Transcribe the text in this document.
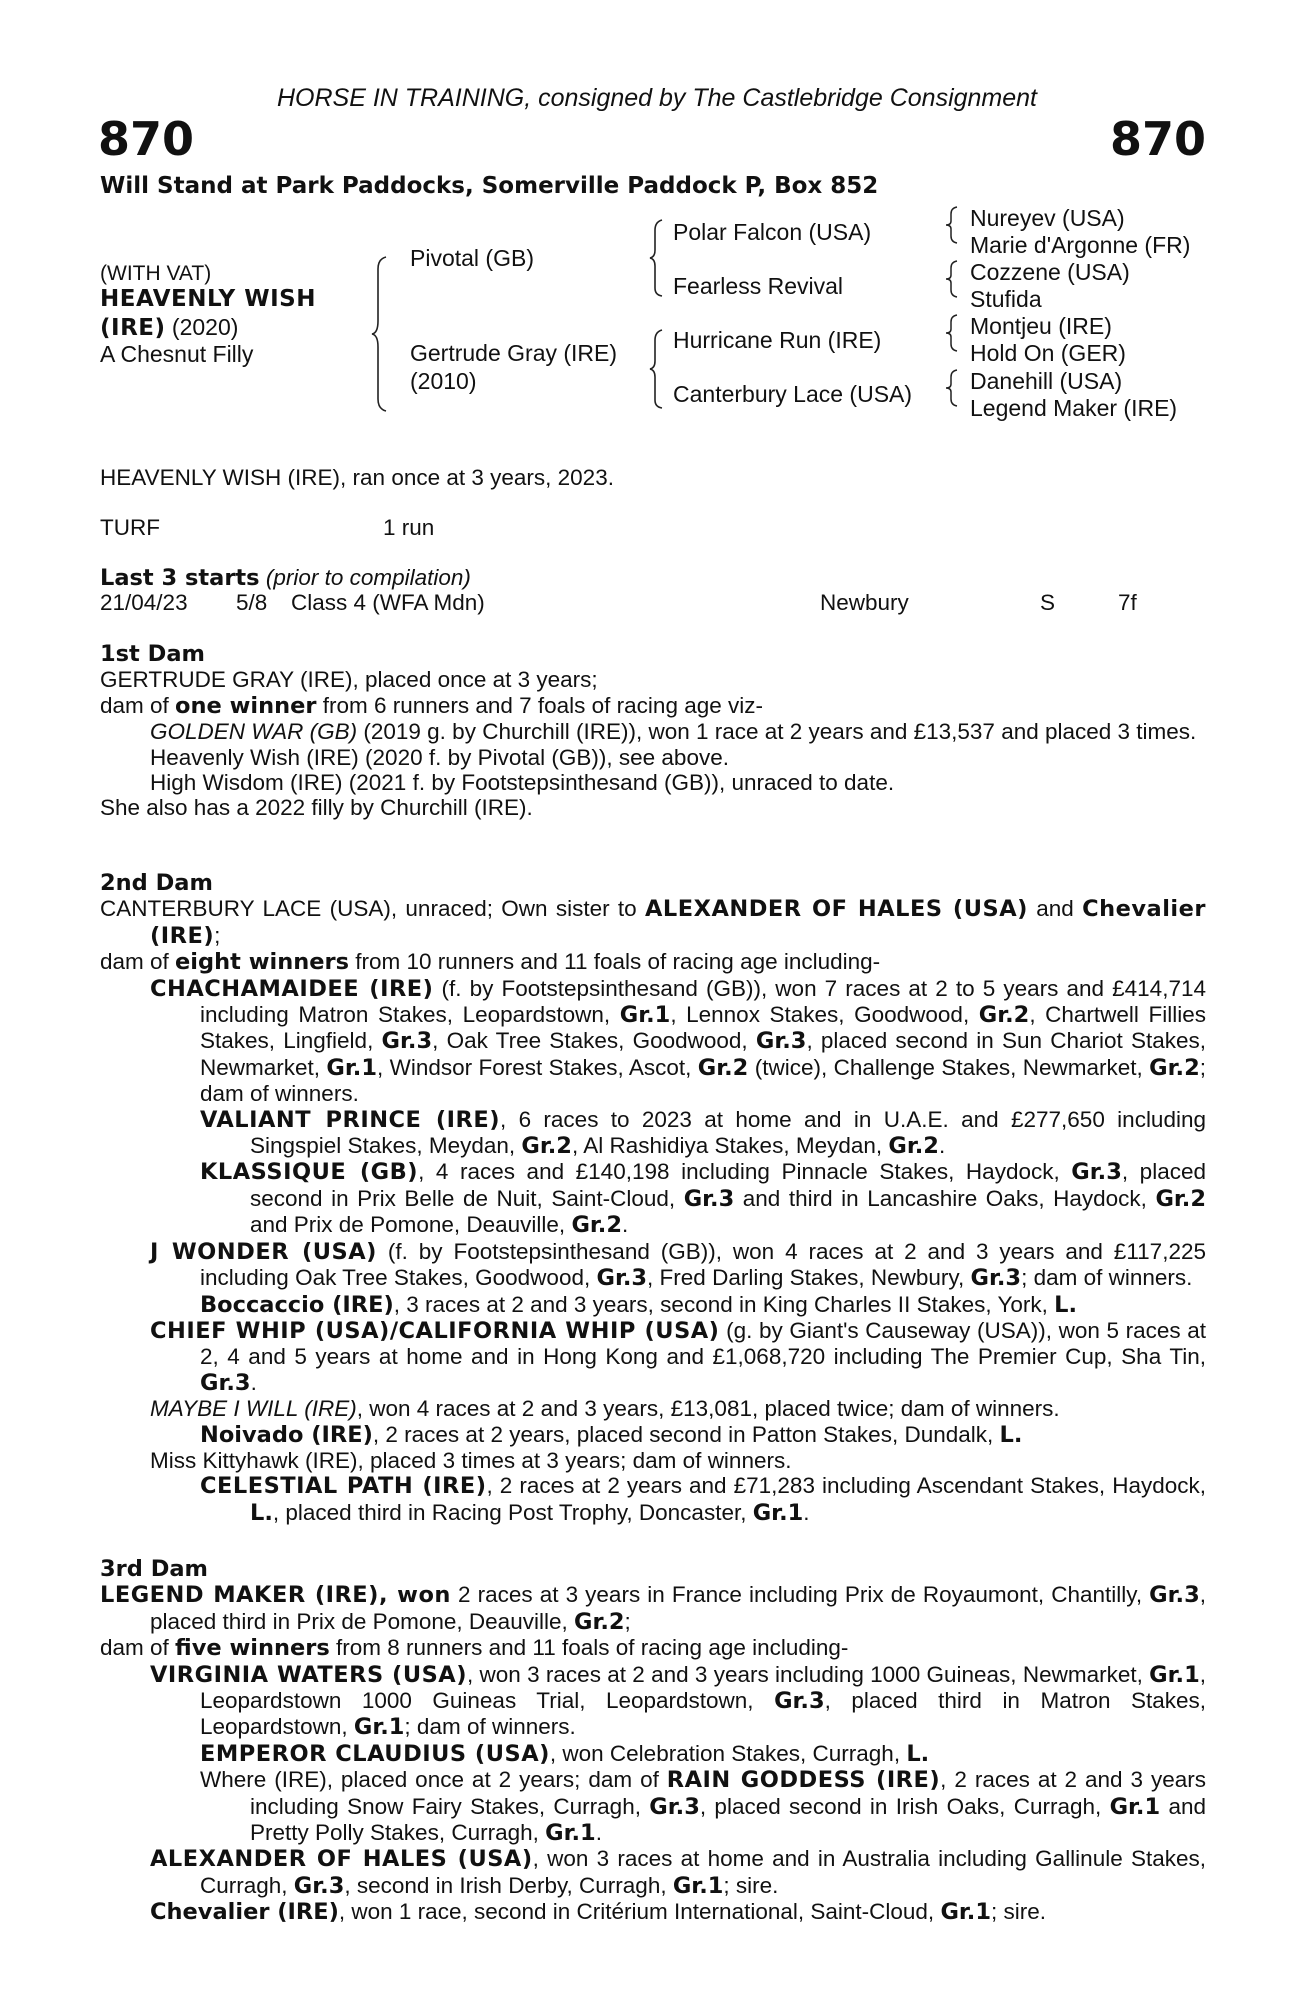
HORSE IN TRAINING, consigned by The Castlebridge Consignment
870	870
Will Stand at Park Paddocks, Somerville Paddock P, Box 852
(WITH VAT)
HEAVENLY WISH
(IRE) (2020)
A Chesnut Filly
Pivotal (GB)
Gertrude Gray (IRE)
(2010)
Polar Falcon (USA)
Fearless Revival
Hurricane Run (IRE)
Canterbury Lace (USA)
Nureyev (USA)
Marie d'Argonne (FR)
Cozzene (USA)
Stufida
Montjeu (IRE)
Hold On (GER)
Danehill (USA)
Legend Maker (IRE)
HEAVENLY WISH (IRE), ran once at 3 years, 2023.
TURF	1 run
Last 3 starts (prior to compilation)
21/04/23 5/8 Class 4 (WFA Mdn)	Newbury	S	7f
1st Dam
GERTRUDE GRAY (IRE), placed once at 3 years;
dam of one winner from 6 runners and 7 foals of racing age viz-
GOLDEN WAR (GB) (2019 g. by Churchill (IRE)), won 1 race at 2 years and £13,537 and placed 3 times.
Heavenly Wish (IRE) (2020 f. by Pivotal (GB)), see above.
High Wisdom (IRE) (2021 f. by Footstepsinthesand (GB)), unraced to date.
She also has a 2022 filly by Churchill (IRE).
2nd Dam
CANTERBURY LACE (USA), unraced; Own sister to ALEXANDER OF HALES (USA) and Chevalier (IRE);
dam of eight winners from 10 runners and 11 foals of racing age including-
CHACHAMAIDEE (IRE) (f. by Footstepsinthesand (GB)), won 7 races at 2 to 5 years and £414,714 including Matron Stakes, Leopardstown, Gr.1, Lennox Stakes, Goodwood, Gr.2, Chartwell Fillies Stakes, Lingfield, Gr.3, Oak Tree Stakes, Goodwood, Gr.3, placed second in Sun Chariot Stakes, Newmarket, Gr.1, Windsor Forest Stakes, Ascot, Gr.2 (twice), Challenge Stakes, Newmarket, Gr.2; dam of winners.
VALIANT PRINCE (IRE), 6 races to 2023 at home and in U.A.E. and £277,650 including Singspiel Stakes, Meydan, Gr.2, Al Rashidiya Stakes, Meydan, Gr.2.
KLASSIQUE (GB), 4 races and £140,198 including Pinnacle Stakes, Haydock, Gr.3, placed second in Prix Belle de Nuit, Saint-Cloud, Gr.3 and third in Lancashire Oaks, Haydock, Gr.2 and Prix de Pomone, Deauville, Gr.2.
J WONDER (USA) (f. by Footstepsinthesand (GB)), won 4 races at 2 and 3 years and £117,225 including Oak Tree Stakes, Goodwood, Gr.3, Fred Darling Stakes, Newbury, Gr.3; dam of winners.
Boccaccio (IRE), 3 races at 2 and 3 years, second in King Charles II Stakes, York, L.
CHIEF WHIP (USA)/CALIFORNIA WHIP (USA) (g. by Giant's Causeway (USA)), won 5 races at 2, 4 and 5 years at home and in Hong Kong and £1,068,720 including The Premier Cup, Sha Tin, Gr.3.
MAYBE I WILL (IRE), won 4 races at 2 and 3 years, £13,081, placed twice; dam of winners.
Noivado (IRE), 2 races at 2 years, placed second in Patton Stakes, Dundalk, L.
Miss Kittyhawk (IRE), placed 3 times at 3 years; dam of winners.
CELESTIAL PATH (IRE), 2 races at 2 years and £71,283 including Ascendant Stakes, Haydock, L., placed third in Racing Post Trophy, Doncaster, Gr.1.
3rd Dam
LEGEND MAKER (IRE), won 2 races at 3 years in France including Prix de Royaumont, Chantilly, Gr.3, placed third in Prix de Pomone, Deauville, Gr.2;
dam of five winners from 8 runners and 11 foals of racing age including-
VIRGINIA WATERS (USA), won 3 races at 2 and 3 years including 1000 Guineas, Newmarket, Gr.1, Leopardstown 1000 Guineas Trial, Leopardstown, Gr.3, placed third in Matron Stakes, Leopardstown, Gr.1; dam of winners.
EMPEROR CLAUDIUS (USA), won Celebration Stakes, Curragh, L.
Where (IRE), placed once at 2 years; dam of RAIN GODDESS (IRE), 2 races at 2 and 3 years including Snow Fairy Stakes, Curragh, Gr.3, placed second in Irish Oaks, Curragh, Gr.1 and Pretty Polly Stakes, Curragh, Gr.1.
ALEXANDER OF HALES (USA), won 3 races at home and in Australia including Gallinule Stakes, Curragh, Gr.3, second in Irish Derby, Curragh, Gr.1; sire.
Chevalier (IRE), won 1 race, second in Critérium International, Saint-Cloud, Gr.1; sire.
